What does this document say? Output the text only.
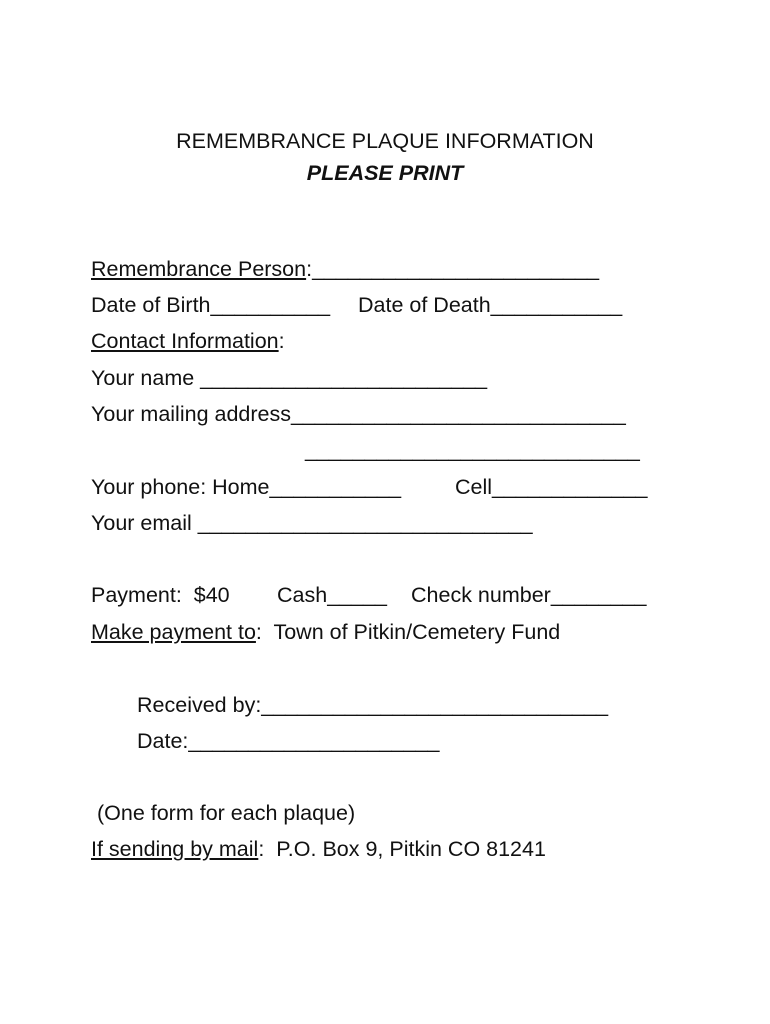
REMEMBRANCE PLAQUE INFORMATION
PLEASE PRINT
Remembrance Person:________________________
Date of Birth__________ Date of Death___________
Contact Information:
Your name ________________________
Your mailing address____________________________
____________________________
Your phone: Home___________	Cell_____________
Your email ____________________________
Payment:  $40 Cash_____ Check number________
Make payment to:  Town of Pitkin/Cemetery Fund
Received by:_____________________________
Date:_____________________
(One form for each plaque)
If sending by mail:  P.O. Box 9, Pitkin CO 81241
